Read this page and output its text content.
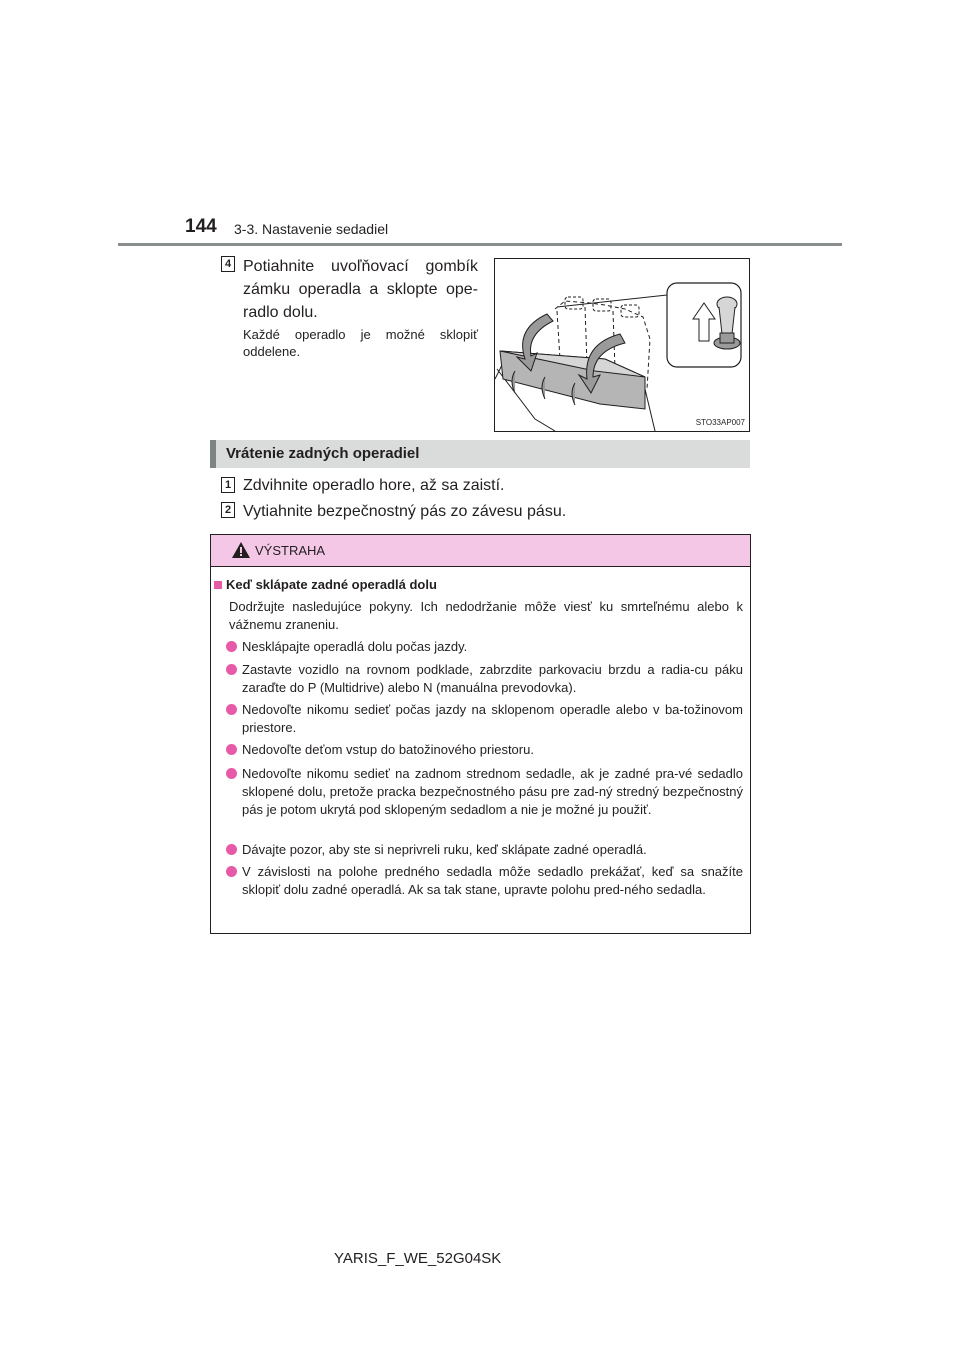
144 3-3. Nastavenie sedadiel
4 Potiahnite uvoľňovací gombík zámku operadla a sklopte ope-radlo dolu.
Každé operadlo je možné sklopiť oddelene.
STO33AP007
Vrátenie zadných operadiel
1 Zdvihnite operadlo hore, až sa zaistí.
2 Vytiahnite bezpečnostný pás zo závesu pásu.
VÝSTRAHA
Keď sklápate zadné operadlá dolu
Dodržujte nasledujúce pokyny. Ich nedodržanie môže viesť ku smrteľnému alebo k vážnemu zraneniu.
Nesklápajte operadlá dolu počas jazdy.
Zastavte vozidlo na rovnom podklade, zabrzdite parkovaciu brzdu a radia-cu páku zaraďte do P (Multidrive) alebo N (manuálna prevodovka).
Nedovoľte nikomu sedieť počas jazdy na sklopenom operadle alebo v ba-tožinovom priestore.
Nedovoľte deťom vstup do batožinového priestoru.
Nedovoľte nikomu sedieť na zadnom strednom sedadle, ak je zadné pra-vé sedadlo sklopené dolu, pretože pracka bezpečnostného pásu pre zad-ný stredný bezpečnostný pás je potom ukrytá pod sklopeným sedadlom a nie je možné ju použiť.
Dávajte pozor, aby ste si neprivreli ruku, keď sklápate zadné operadlá.
V závislosti na polohe predného sedadla môže sedadlo prekážať, keď sa snažíte sklopiť dolu zadné operadlá. Ak sa tak stane, upravte polohu pred-ného sedadla.
YARIS_F_WE_52G04SK
